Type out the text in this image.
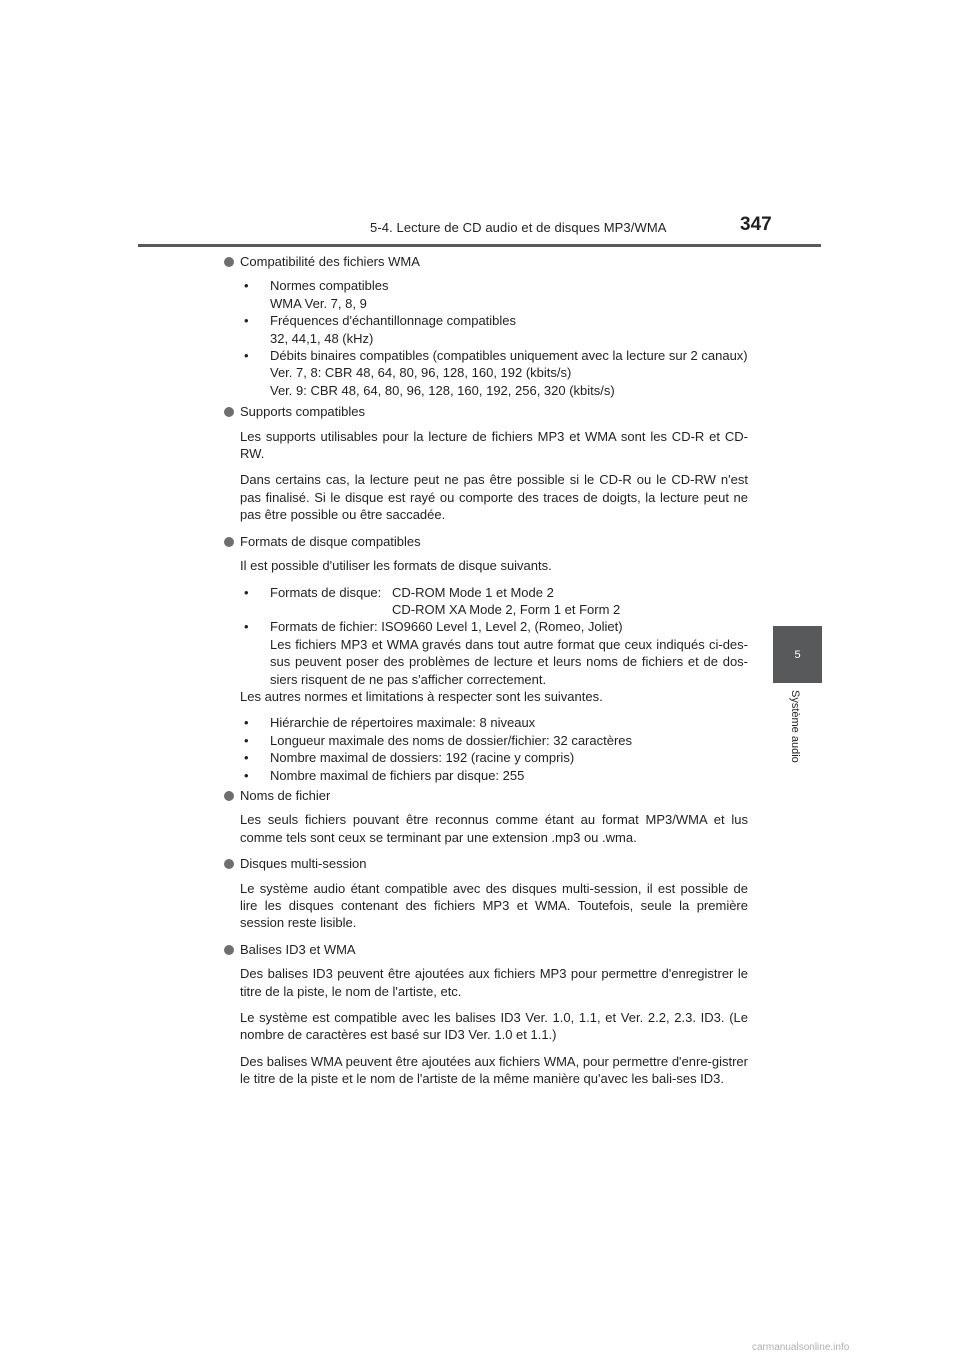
5-4. Lecture de CD audio et de disques MP3/WMA	347
5
Système audio
Compatibilité des fichiers WMA
• Normes compatibles
WMA Ver. 7, 8, 9
• Fréquences d'échantillonnage compatibles
32, 44,1, 48 (kHz)
• Débits binaires compatibles (compatibles uniquement avec la lecture sur 2 canaux)
Ver. 7, 8: CBR 48, 64, 80, 96, 128, 160, 192 (kbits/s)
Ver. 9: CBR 48, 64, 80, 96, 128, 160, 192, 256, 320 (kbits/s)
Supports compatibles

Les supports utilisables pour la lecture de fichiers MP3 et WMA sont les CD-R et CD-RW.

Dans certains cas, la lecture peut ne pas être possible si le CD-R ou le CD-RW n'est pas finalisé. Si le disque est rayé ou comporte des traces de doigts, la lecture peut ne pas être possible ou être saccadée.

Formats de disque compatibles

Il est possible d'utiliser les formats de disque suivants.

• Formats de disque: CD-ROM Mode 1 et Mode 2
CD-ROM XA Mode 2, Form 1 et Form 2
• Formats de fichier: ISO9660 Level 1, Level 2, (Romeo, Joliet)
Les fichiers MP3 et WMA gravés dans tout autre format que ceux indiqués ci-des-sus peuvent poser des problèmes de lecture et leurs noms de fichiers et de dos-siers risquent de ne pas s'afficher correctement.

Les autres normes et limitations à respecter sont les suivantes.

• Hiérarchie de répertoires maximale: 8 niveaux
• Longueur maximale des noms de dossier/fichier: 32 caractères
• Nombre maximal de dossiers: 192 (racine y compris)
• Nombre maximal de fichiers par disque: 255
Noms de fichier

Les seuls fichiers pouvant être reconnus comme étant au format MP3/WMA et lus comme tels sont ceux se terminant par une extension .mp3 ou .wma.

Disques multi-session

Le système audio étant compatible avec des disques multi-session, il est possible de lire les disques contenant des fichiers MP3 et WMA. Toutefois, seule la première session reste lisible.

Balises ID3 et WMA

Des balises ID3 peuvent être ajoutées aux fichiers MP3 pour permettre d'enregistrer le titre de la piste, le nom de l'artiste, etc.

Le système est compatible avec les balises ID3 Ver. 1.0, 1.1, et Ver. 2.2, 2.3. ID3. (Le nombre de caractères est basé sur ID3 Ver. 1.0 et 1.1.)

Des balises WMA peuvent être ajoutées aux fichiers WMA, pour permettre d'enre-gistrer le titre de la piste et le nom de l'artiste de la même manière qu'avec les bali-ses ID3.

carmanualsonline.info
